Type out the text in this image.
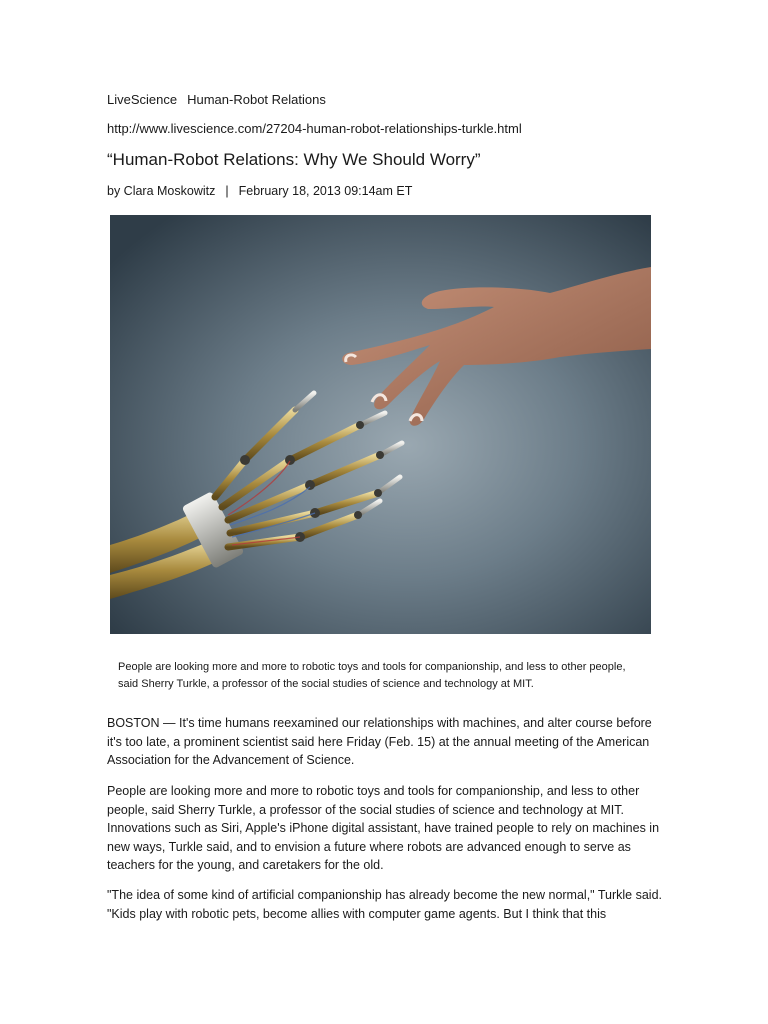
LiveScience Human-Robot Relations
http://www.livescience.com/27204-human-robot-relationships-turkle.html
“Human-Robot Relations: Why We Should Worry”
by Clara Moskowitz | February 18, 2013 09:14am ET
People are looking more and more to robotic toys and tools for companionship, and less to other people, said Sherry Turkle, a professor of the social studies of science and technology at MIT.
BOSTON — It's time humans reexamined our relationships with machines, and alter course before it's too late, a prominent scientist said here Friday (Feb. 15) at the annual meeting of the American Association for the Advancement of Science.
People are looking more and more to robotic toys and tools for companionship, and less to other people, said Sherry Turkle, a professor of the social studies of science and technology at MIT. Innovations such as Siri, Apple's iPhone digital assistant, have trained people to rely on machines in new ways, Turkle said, and to envision a future where robots are advanced enough to serve as teachers for the young, and caretakers for the old.
"The idea of some kind of artificial companionship has already become the new normal," Turkle said. "Kids play with robotic pets, become allies with computer game agents. But I think that this
